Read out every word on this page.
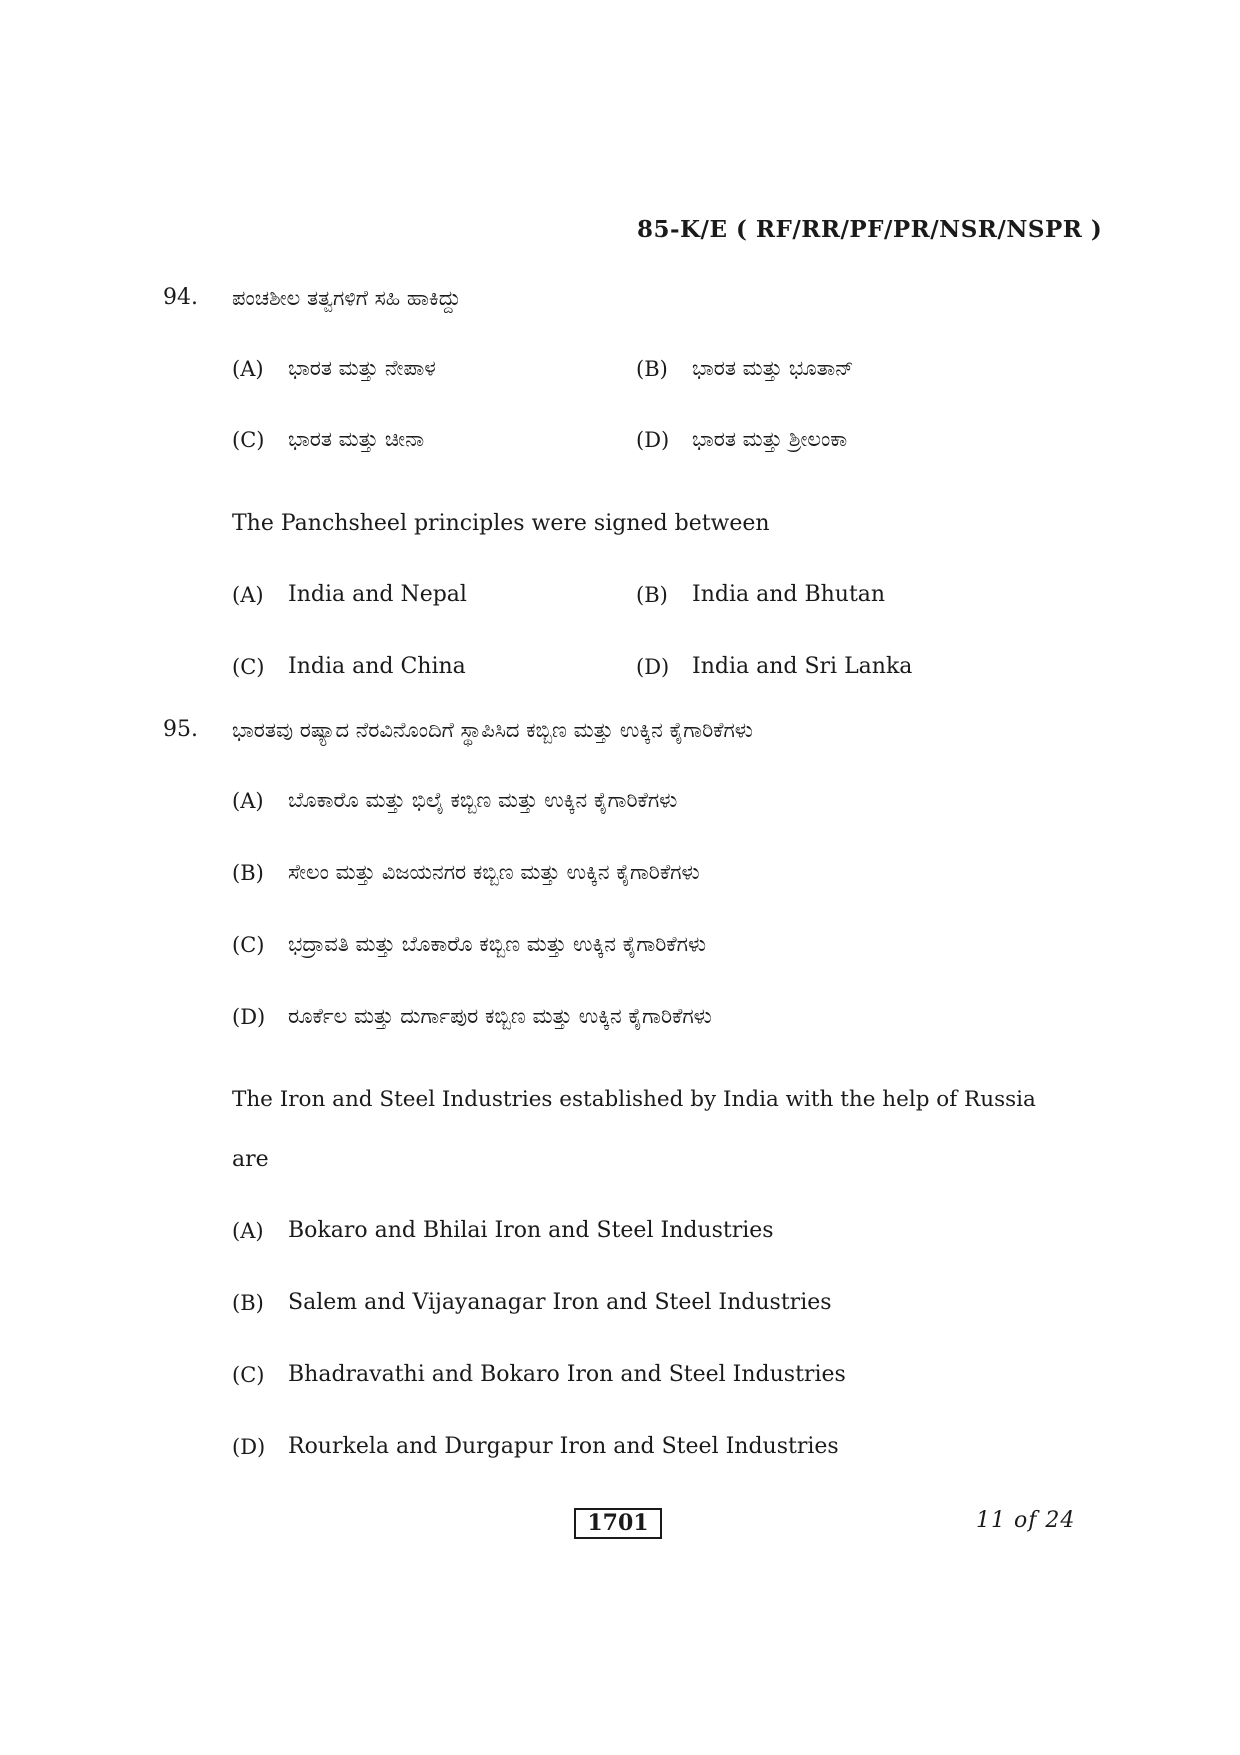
85-K/E ( RF/RR/PF/PR/NSR/NSPR )
94. ಪಂಚಶೀಲ ತತ್ವಗಳಿಗೆ ಸಹಿ ಹಾಕಿದ್ದು
(A) ಭಾರತ ಮತ್ತು ನೇಪಾಳ	(B) ಭಾರತ ಮತ್ತು ಭೂತಾನ್
(C) ಭಾರತ ಮತ್ತು ಚೀನಾ	(D) ಭಾರತ ಮತ್ತು ಶ್ರೀಲಂಕಾ
The Panchsheel principles were signed between
(A) India and Nepal	(B) India and Bhutan
(C) India and China	(D) India and Sri Lanka
95. ಭಾರತವು ರಷ್ಯಾದ ನೆರವಿನೊಂದಿಗೆ ಸ್ಥಾಪಿಸಿದ ಕಬ್ಬಿಣ ಮತ್ತು ಉಕ್ಕಿನ ಕೈಗಾರಿಕೆಗಳು
(A) ಬೊಕಾರೊ ಮತ್ತು ಭಿಲೈ ಕಬ್ಬಿಣ ಮತ್ತು ಉಕ್ಕಿನ ಕೈಗಾರಿಕೆಗಳು
(B) ಸೇಲಂ ಮತ್ತು ವಿಜಯನಗರ ಕಬ್ಬಿಣ ಮತ್ತು ಉಕ್ಕಿನ ಕೈಗಾರಿಕೆಗಳು
(C) ಭದ್ರಾವತಿ ಮತ್ತು ಬೊಕಾರೊ ಕಬ್ಬಿಣ ಮತ್ತು ಉಕ್ಕಿನ ಕೈಗಾರಿಕೆಗಳು
(D) ರೂರ್ಕೆಲ ಮತ್ತು ದುರ್ಗಾಪುರ ಕಬ್ಬಿಣ ಮತ್ತು ಉಕ್ಕಿನ ಕೈಗಾರಿಕೆಗಳು
The Iron and Steel Industries established by India with the help of Russia
are
(A) Bokaro and Bhilai Iron and Steel Industries
(B) Salem and Vijayanagar Iron and Steel Industries
(C) Bhadravathi and Bokaro Iron and Steel Industries
(D) Rourkela and Durgapur Iron and Steel Industries
1701	11 of 24
